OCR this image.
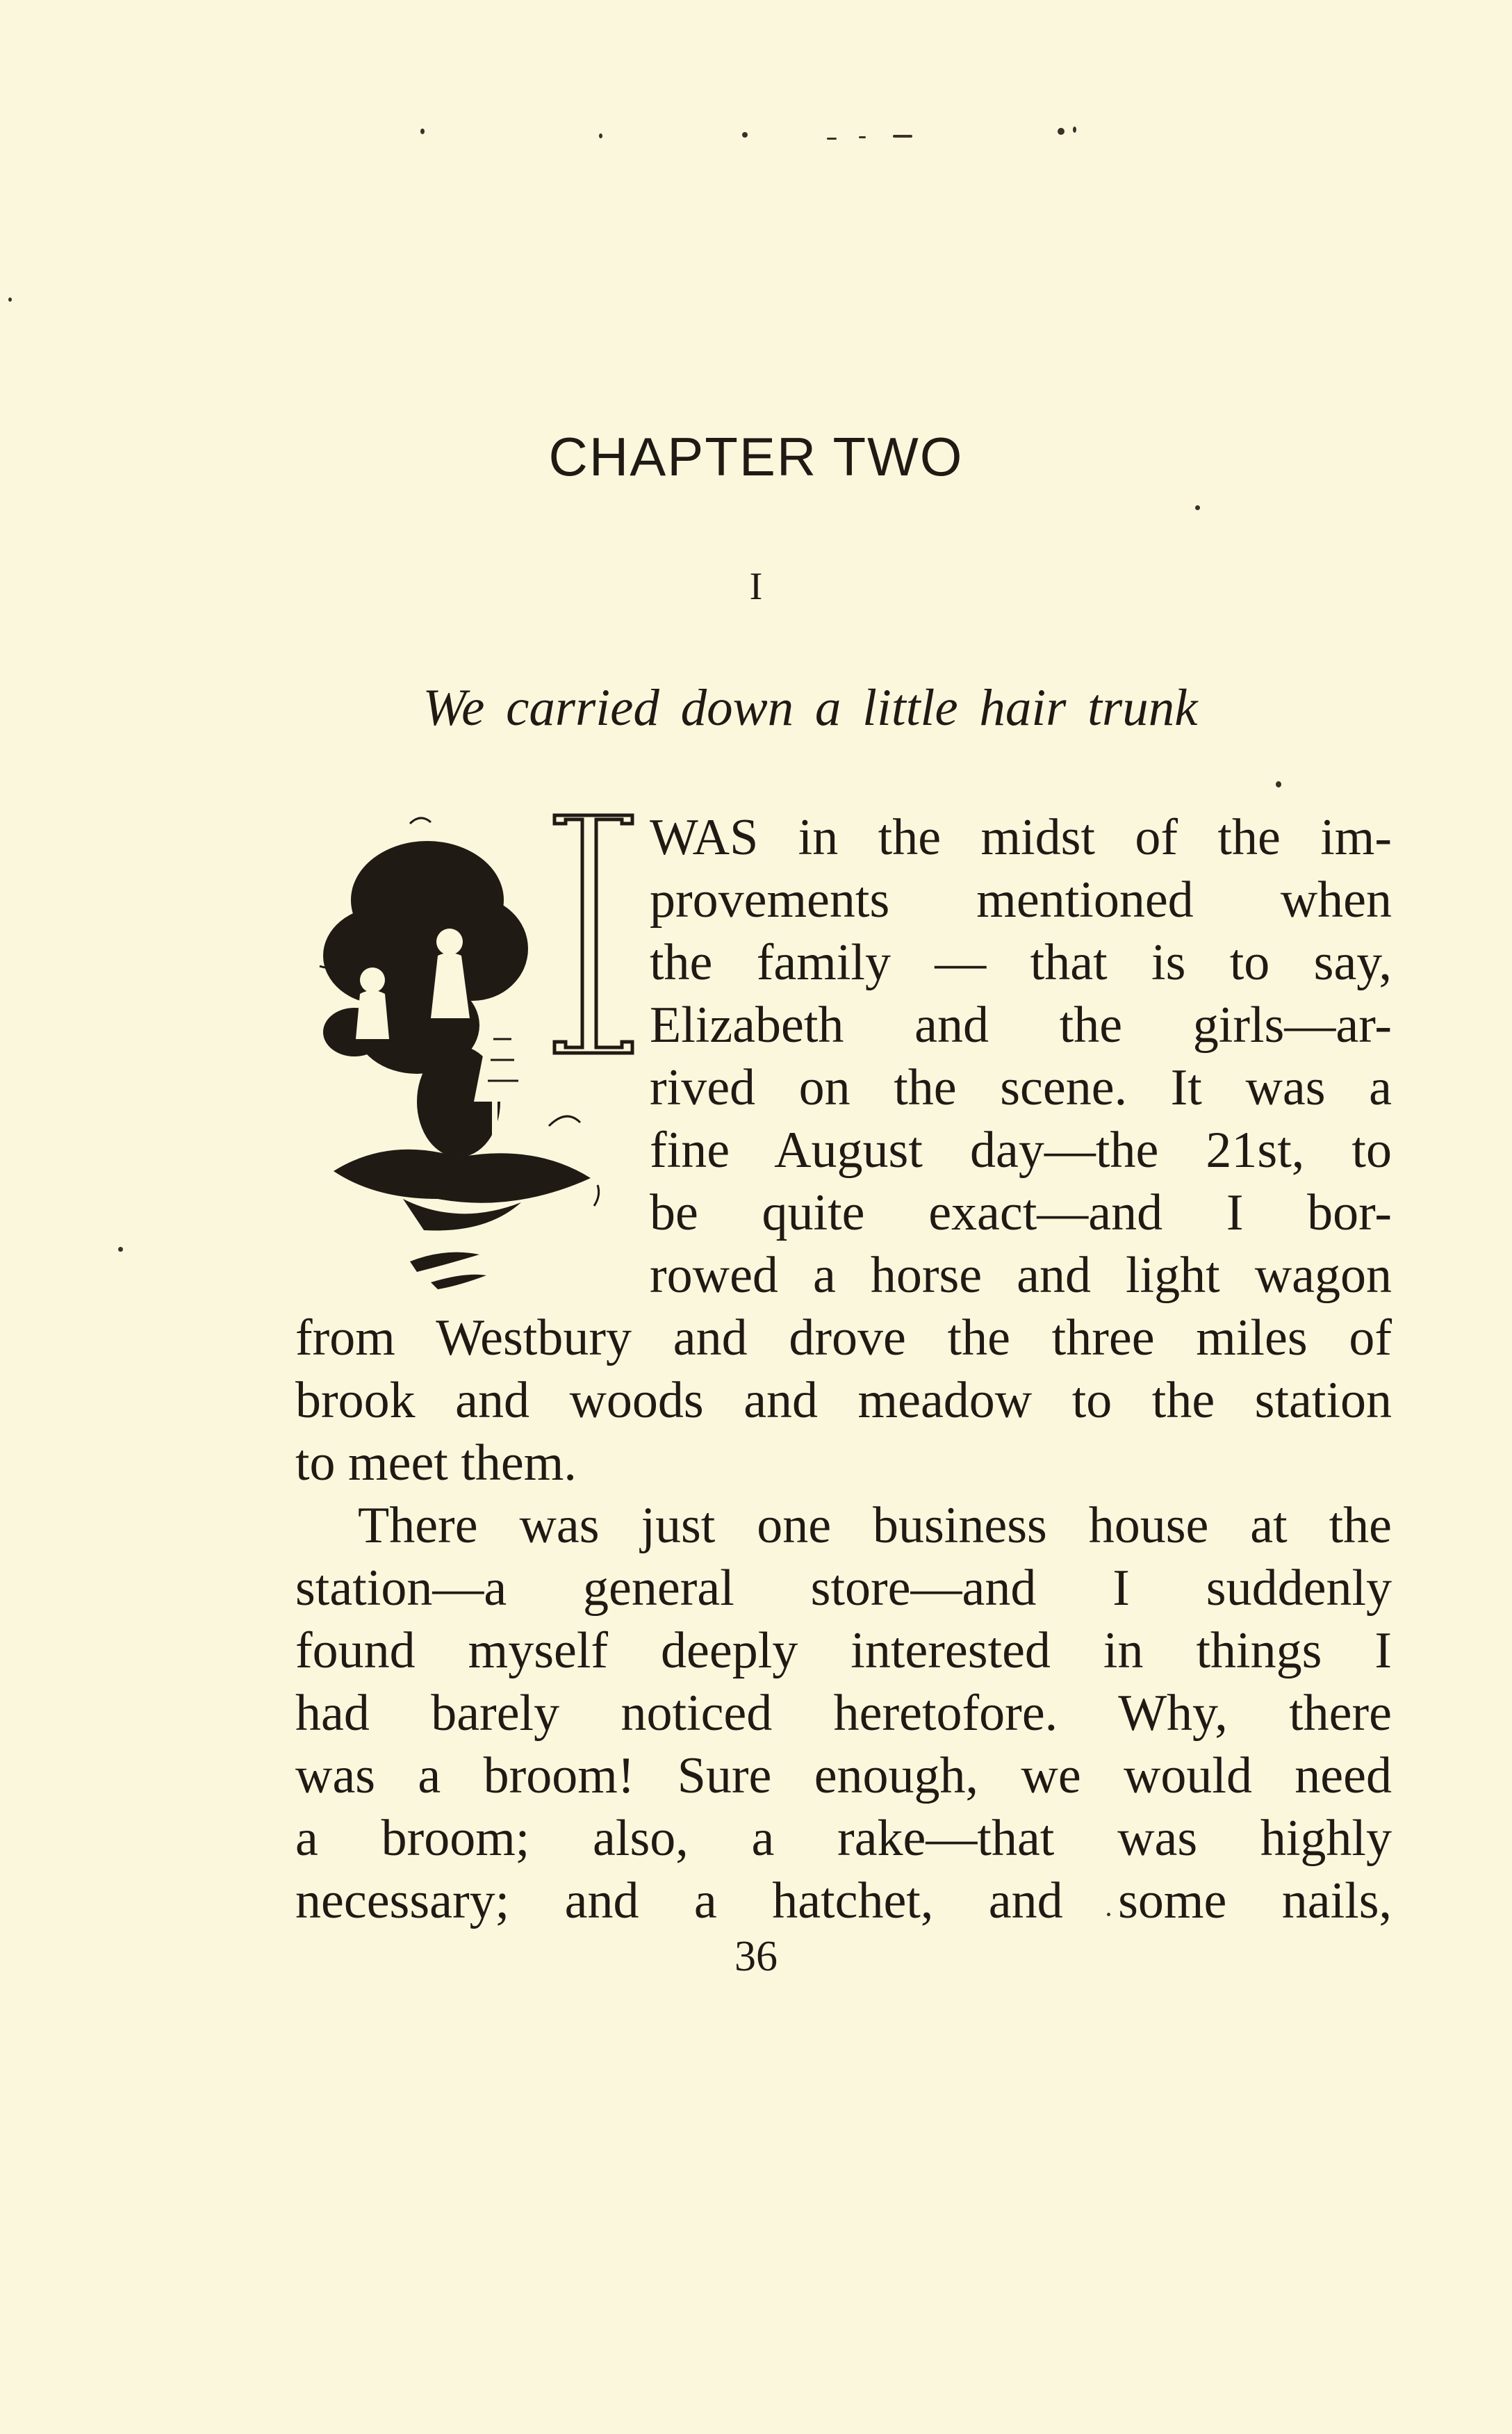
CHAPTER TWO
I
We carried down a little hair trunk
I
WAS in the midst of the im-
provements mentioned when
the family — that is to say,
Elizabeth and the girls—ar-
rived on the scene. It was a
fine August day—the 21st, to
be quite exact—and I bor-
rowed a horse and light wagon
from Westbury and drove the three miles of
brook and woods and meadow to the station
to meet them.
There was just one business house at the
station—a general store—and I suddenly
found myself deeply interested in things I
had barely noticed heretofore. Why, there
was a broom! Sure enough, we would need
a broom; also, a rake—that was highly
necessary; and a hatchet, and some nails,
36
